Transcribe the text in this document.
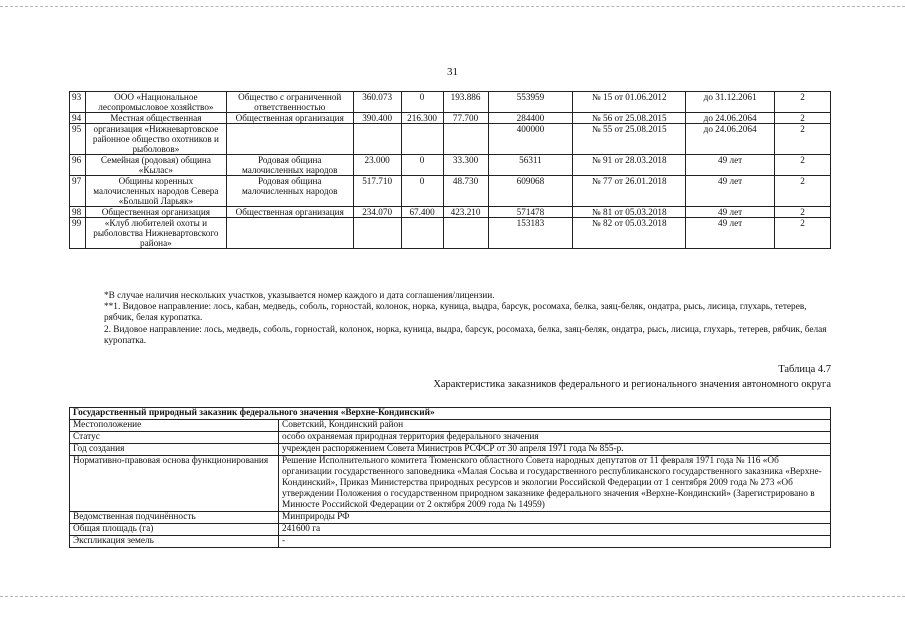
31
93	ООО «Национальное лесопромысловое хозяйство»	Общество с ограниченной ответственностью	360.073	0	193.886	553959	№ 15 от 01.06.2012	до 31.12.2061	2
94	Местная общественная	Общественная организация	390.400	216.300	77.700	284400	№ 56 от 25.08.2015	до 24.06.2064	2
95	организация «Нижневартовское районное общество охотников и рыболовов»					400000	№ 55 от 25.08.2015	до 24.06.2064	2
96	Семейная (родовая) община «Кылас»	Родовая община малочисленных народов	23.000	0	33.300	56311	№ 91 от 28.03.2018	49 лет	2
97	Общины коренных малочисленных народов Севера «Большой Ларьяк»	Родовая община малочисленных народов	517.710	0	48.730	609068	№ 77 от 26.01.2018	49 лет	2
98	Общественная организация	Общественная организация	234.070	67.400	423.210	571478	№ 81 от 05.03.2018	49 лет	2
99	«Клуб любителей охоты и рыболовства Нижневартовского района»					153183	№ 82 от 05.03.2018	49 лет	2

*В случае наличия нескольких участков, указывается номер каждого и дата соглашения/лицензии.

**1. Видовое направление: лось, кабан, медведь, соболь, горностай, колонок, норка, куница, выдра, барсук, росомаха, белка, заяц-беляк, ондатра, рысь, лисица, глухарь, тетерев, рябчик, белая куропатка.

2. Видовое направление: лось, медведь, соболь, горностай, колонок, норка, куница, выдра, барсук, росомаха, белка, заяц-беляк, ондатра, рысь, лисица, глухарь, тетерев, рябчик, белая куропатка.

Таблица 4.7
Характеристика заказников федерального и регионального значения автономного округа
Государственный природный заказник федерального значения «Верхне-Кондинский»	
Местоположение	Советский, Кондинский район
Статус	особо охраняемая природная территория федерального значения
Год создания	учрежден распоряжением Совета Министров РСФСР от 30 апреля 1971 года № 855-р.
Нормативно-правовая основа функционирования	Решение Исполнительного комитета Тюменского областного Совета народных депутатов от 11 февраля 1971 года № 116 «Об организации государственного заповедника «Малая Сосьва и государственного республиканского государственного заказника «Верхне-Кондинский», Приказ Министерства природных ресурсов и экологии Российской Федерации от 1 сентября 2009 года № 273 «Об утверждении Положения о государственном природном заказнике федерального значения «Верхне-Кондинский» (Зарегистрировано в Минюсте Российской Федерации от 2 октября 2009 года № 14959)
Ведомственная подчинённость	Минприроды РФ
Общая площадь (га)	241600 га
Экспликация земель	-
